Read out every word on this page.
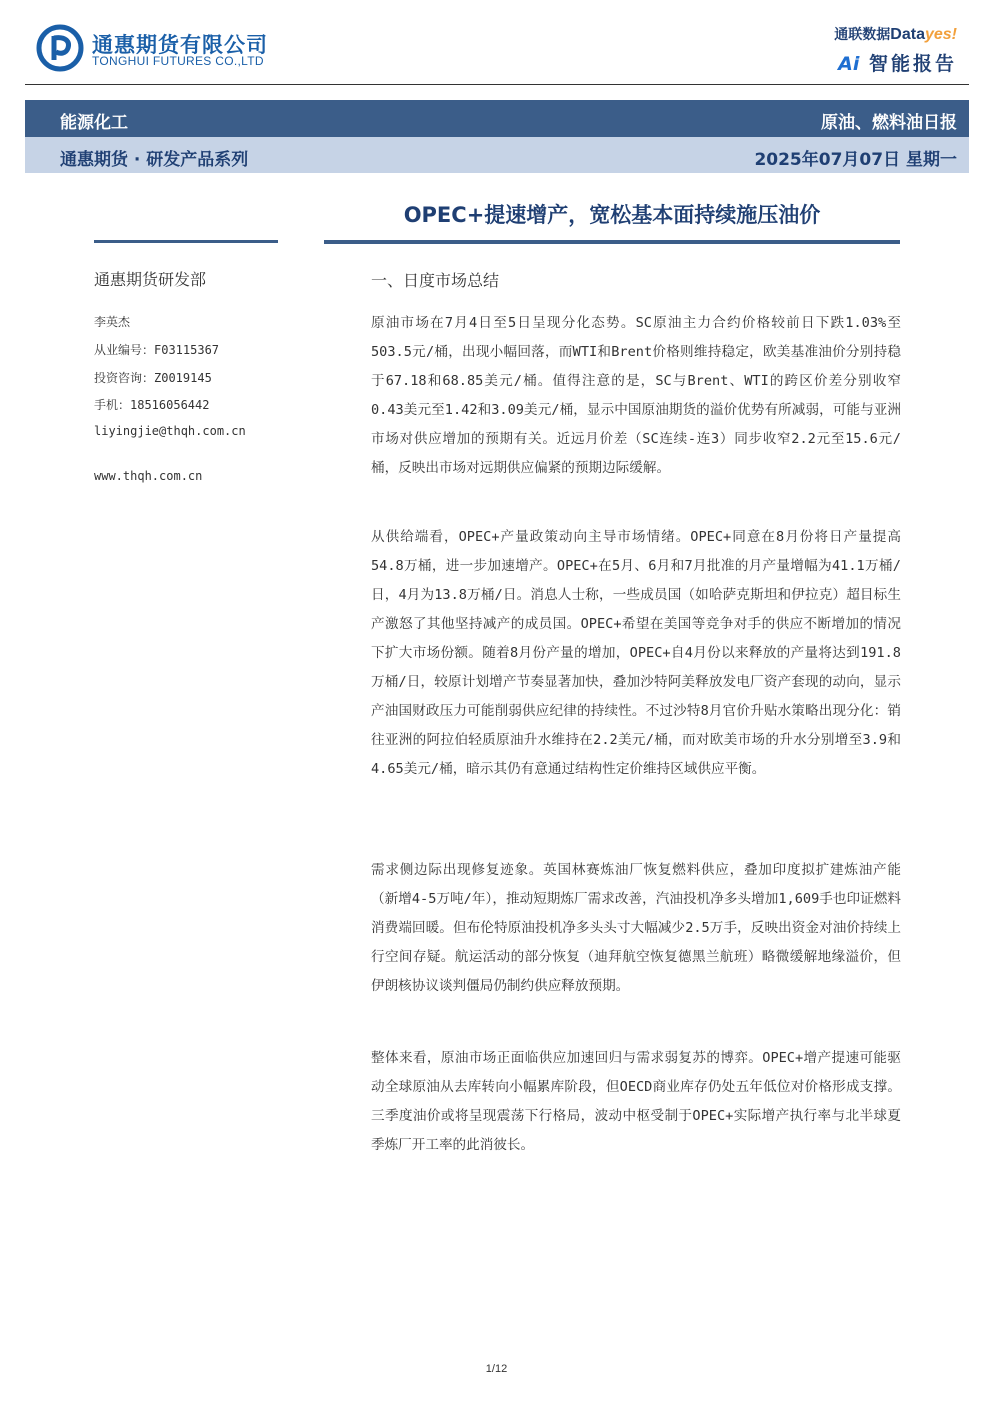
通惠期货有限公司
TONGHUI FUTURES CO.,LTD
通联数据Datayes!
Ai 智能报告
能源化工	原油、燃料油日报
通惠期货 · 研发产品系列	2025年07月07日 星期一
OPEC+提速增产，宽松基本面持续施压油价
通惠期货研发部
李英杰
从业编号：F03115367
投资咨询：Z0019145
手机：18516056442
liyingjie@thqh.com.cn
www.thqh.com.cn
一、日度市场总结

原油市场在7月4日至5日呈现分化态势。SC原油主力合约价格较前日下跌1.03%至503.5元/桶，出现小幅回落，而WTI和Brent价格则维持稳定，欧美基准油价分别持稳于67.18和68.85美元/桶。值得注意的是，SC与Brent、WTI的跨区价差分别收窄0.43美元至1.42和3.09美元/桶，显示中国原油期货的溢价优势有所减弱，可能与亚洲市场对供应增加的预期有关。近远月价差（SC连续-连3）同步收窄2.2元至15.6元/桶，反映出市场对远期供应偏紧的预期边际缓解。

从供给端看，OPEC+产量政策动向主导市场情绪。OPEC+同意在8月份将日产量提高54.8万桶，进一步加速增产。OPEC+在5月、6月和7月批准的月产量增幅为41.1万桶/日，4月为13.8万桶/日。消息人士称，一些成员国（如哈萨克斯坦和伊拉克）超目标生产激怒了其他坚持减产的成员国。OPEC+希望在美国等竞争对手的供应不断增加的情况下扩大市场份额。随着8月份产量的增加，OPEC+自4月份以来释放的产量将达到191.8万桶/日，较原计划增产节奏显著加快，叠加沙特阿美释放发电厂资产套现的动向，显示产油国财政压力可能削弱供应纪律的持续性。不过沙特8月官价升贴水策略出现分化：销往亚洲的阿拉伯轻质原油升水维持在2.2美元/桶，而对欧美市场的升水分别增至3.9和4.65美元/桶，暗示其仍有意通过结构性定价维持区域供应平衡。

需求侧边际出现修复迹象。英国林赛炼油厂恢复燃料供应，叠加印度拟扩建炼油产能（新增4-5万吨/年），推动短期炼厂需求改善，汽油投机净多头增加1,609手也印证燃料消费端回暖。但布伦特原油投机净多头头寸大幅减少2.5万手，反映出资金对油价持续上行空间存疑。航运活动的部分恢复（迪拜航空恢复德黑兰航班）略微缓解地缘溢价，但伊朗核协议谈判僵局仍制约供应释放预期。

整体来看，原油市场正面临供应加速回归与需求弱复苏的博弈。OPEC+增产提速可能驱动全球原油从去库转向小幅累库阶段，但OECD商业库存仍处五年低位对价格形成支撑。三季度油价或将呈现震荡下行格局，波动中枢受制于OPEC+实际增产执行率与北半球夏季炼厂开工率的此消彼长。

1/12
